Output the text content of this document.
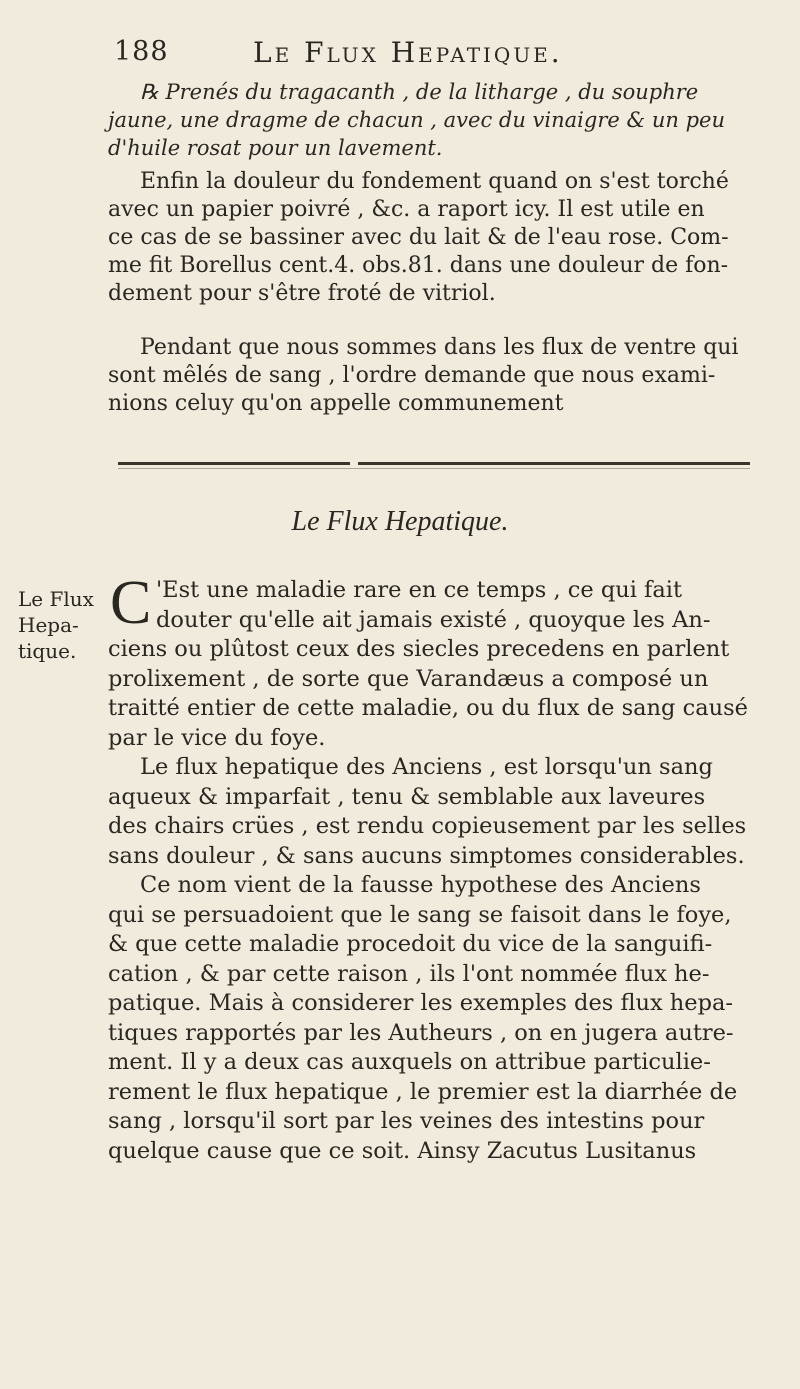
188	Le Flux Hepatique.
℞ Prenés du tragacanth , de la litharge , du souphre
jaune, une dragme de chacun , avec du vinaigre & un peu
d'huile rosat pour un lavement.
Enfin la douleur du fondement quand on s'est torché
avec un papier poivré , &c. a raport icy. Il est utile en
ce cas de se bassiner avec du lait & de l'eau rose. Com-
me fit Borellus cent.4. obs.81. dans une douleur de fon-
dement pour s'être froté de vitriol.
Pendant que nous sommes dans les flux de ventre qui
sont mêlés de sang , l'ordre demande que nous exami-
nions celuy qu'on appelle communement
Le Flux Hepatique.
Le Flux
Hepa-
tique.
C 'Est une maladie rare en ce temps , ce qui fait
douter qu'elle ait jamais existé , quoyque les An-
ciens ou plûtost ceux des siecles precedens en parlent
prolixement , de sorte que Varandæus a composé un
traitté entier de cette maladie, ou du flux de sang causé
par le vice du foye.
Le flux hepatique des Anciens , est lorsqu'un sang
aqueux & imparfait , tenu & semblable aux laveures
des chairs crües , est rendu copieusement par les selles
sans douleur , & sans aucuns simptomes considerables.
Ce nom vient de la fausse hypothese des Anciens
qui se persuadoient que le sang se faisoit dans le foye,
& que cette maladie procedoit du vice de la sanguifi-
cation , & par cette raison , ils l'ont nommée flux he-
patique. Mais à considerer les exemples des flux hepa-
tiques rapportés par les Autheurs , on en jugera autre-
ment. Il y a deux cas auxquels on attribue particulie-
rement le flux hepatique , le premier est la diarrhée de
sang , lorsqu'il sort par les veines des intestins pour
quelque cause que ce soit. Ainsy Zacutus Lusitanus
